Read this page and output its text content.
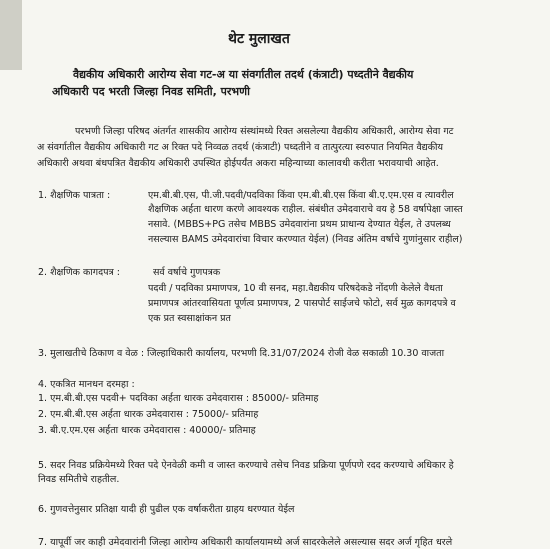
थेट मुलाखत
वैद्यकीय अधिकारी आरोग्य सेवा गट-अ या संवर्गातील तदर्थ (कंत्राटी) पध्दतीने वैद्यकीय
अधिकारी पद भरती जिल्हा निवड समिती, परभणी
परभणी जिल्हा परिषद अंतर्गत शासकीय आरोग्य संस्थांमध्ये रिक्त असलेल्या वैद्यकीय अधिकारी, आरोग्य सेवा गट
अ संवर्गातील वैद्यकीय अधिकारी गट अ रिक्त पदे निव्वळ तदर्थ (कंत्राटी) पध्दतीने व तात्पुरत्या स्वरुपात नियमित वैद्यकीय
अधिकारी अथवा बंधपत्रित वैद्यकीय अधिकारी उपस्थित होईपर्यंत अकरा महिन्याच्या कालावधी करीता भरावयाची आहेत.
1. शैक्षणिक पात्रता :	एम.बी.बी.एस, पी.जी.पदवी/पदविका किंवा एम.बी.बी.एस किंवा बी.ए.एम.एस व त्यावरील
शैक्षणिक अर्हता धारण करणे आवश्यक राहील. संबंधीत उमेदवाराचे वय हे 58 वर्षापेक्षा जास्त
नसावे. (MBBS+PG तसेच MBBS उमेदवारांना प्रथम प्राधान्य देण्यात येईल, ते उपलब्ध
नसल्यास BAMS उमेदवारांचा विचार करण्यात येईल) (निवड अंतिम वर्षाचे गुणांनुसार राहील)
2. शैक्षणिक कागदपत्र :	सर्व वर्षाचे गुणपत्रक
पदवी / पदविका प्रमाणपत्र, 10 वी सनद, महा.वैद्यकीय परिषदेकडे नोंदणी केलेले वैधता
प्रमाणपत्र आंतरवासियता पूर्णत्व प्रमाणपत्र, 2 पासपोर्ट साईजचे फोटो, सर्व मुळ कागदपत्रे व
एक प्रत स्वसाक्षांकन प्रत
3. मुलाखतीचे ठिकाण व वेळ : जिल्हाधिकारी कार्यालय, परभणी दि.31/07/2024 रोजी वेळ सकाळी 10.30 वाजता
4. एकत्रित मानधन दरमहा :
1. एम.बी.बी.एस पदवी+ पदविका अर्हता धारक उमेदवारास : 85000/- प्रतिमाह
2. एम.बी.बी.एस अर्हता धारक उमेदवारास : 75000/- प्रतिमाह
3. बी.ए.एम.एस अर्हता धारक उमेदवारास : 40000/- प्रतिमाह
5. सदर निवड प्रक्रियेमध्ये रिक्त पदे ऐनवेळी कमी व जास्त करण्याचे तसेच निवड प्रक्रिया पूर्णपणे रदद करण्याचे अधिकार हे
निवड समितीचे राहतील.
6. गुणवत्तेनुसार प्रतिक्षा यादी ही पुढील एक वर्षाकरीता ग्राहय धरण्यात येईल
7. यापूर्वी जर काही उमेदवारांनी जिल्हा आरोग्य अधिकारी कार्यालयामध्ये अर्ज सादरकेलेले असल्यास सदर अर्ज गृहित धरले
